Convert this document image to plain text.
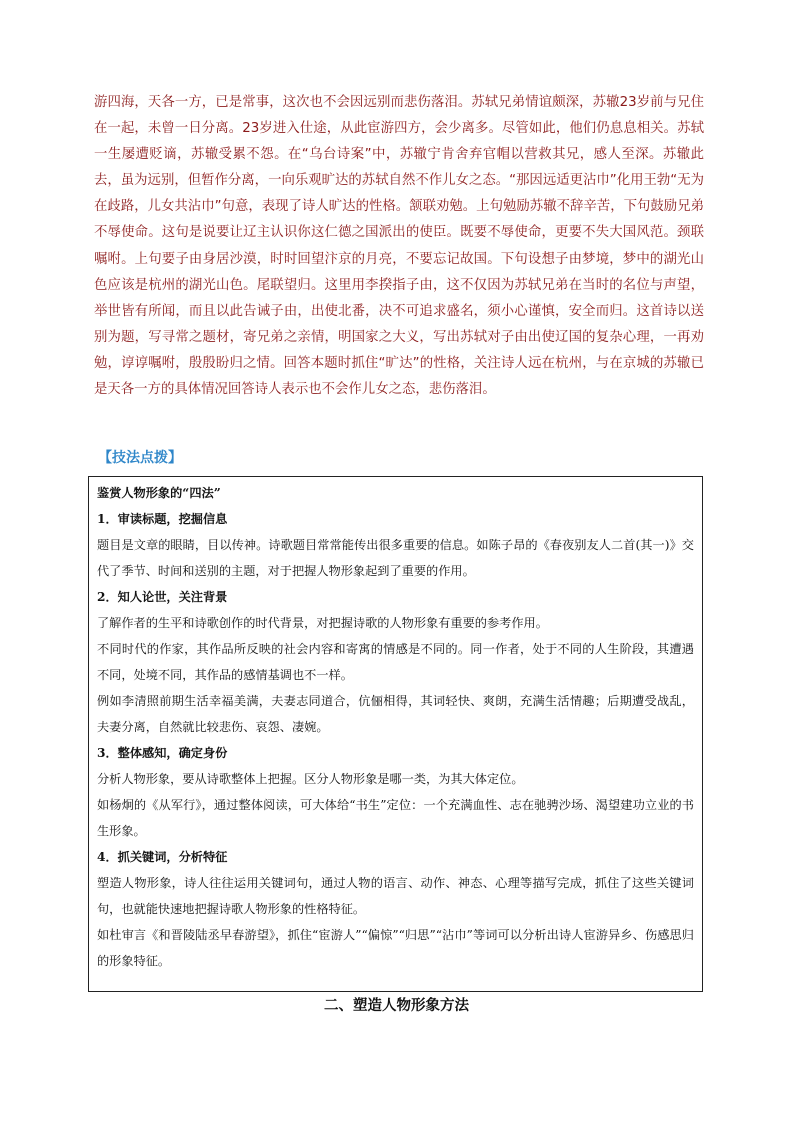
游四海，天各一方，已是常事，这次也不会因远别而悲伤落泪。苏轼兄弟情谊颇深，苏辙23岁前与兄住在一起，未曾一日分离。23岁进入仕途，从此宦游四方，会少离多。尽管如此，他们仍息息相关。苏轼一生屡遭贬谪，苏辙受累不怨。在“乌台诗案”中，苏辙宁肯舍弃官帽以营救其兄，感人至深。苏辙此去，虽为远别，但暂作分离，一向乐观旷达的苏轼自然不作儿女之态。“那因远适更沾巾”化用王勃“无为在歧路，儿女共沾巾”句意，表现了诗人旷达的性格。颔联劝勉。上句勉励苏辙不辞辛苦，下句鼓励兄弟不辱使命。这句是说要让辽主认识你这仁德之国派出的使臣。既要不辱使命，更要不失大国风范。颈联嘱咐。上句要子由身居沙漠，时时回望汴京的月亮，不要忘记故国。下句设想子由梦境，梦中的湖光山色应该是杭州的湖光山色。尾联望归。这里用李揆指子由，这不仅因为苏轼兄弟在当时的名位与声望，举世皆有所闻，而且以此告诫子由，出使北番，决不可追求盛名，须小心谨慎，安全而归。这首诗以送别为题，写寻常之题材，寄兄弟之亲情，明国家之大义，写出苏轼对子由出使辽国的复杂心理，一再劝勉，谆谆嘱咐，殷殷盼归之情。回答本题时抓住“旷达”的性格，关注诗人远在杭州，与在京城的苏辙已是天各一方的具体情况回答诗人表示也不会作儿女之态，悲伤落泪。

【技法点拨】

鉴赏人物形象的“四法”

1．审读标题，挖掘信息

题目是文章的眼睛，目以传神。诗歌题目常常能传出很多重要的信息。如陈子昂的《春夜别友人二首(其一)》交代了季节、时间和送别的主题，对于把握人物形象起到了重要的作用。

2．知人论世，关注背景

了解作者的生平和诗歌创作的时代背景，对把握诗歌的人物形象有重要的参考作用。

不同时代的作家，其作品所反映的社会内容和寄寓的情感是不同的。同一作者，处于不同的人生阶段，其遭遇不同，处境不同，其作品的感情基调也不一样。

例如李清照前期生活幸福美满，夫妻志同道合，伉俪相得，其词轻快、爽朗，充满生活情趣；后期遭受战乱，夫妻分离，自然就比较悲伤、哀怨、凄婉。

3．整体感知，确定身份

分析人物形象，要从诗歌整体上把握。区分人物形象是哪一类，为其大体定位。

如杨炯的《从军行》，通过整体阅读，可大体给“书生”定位：一个充满血性、志在驰骋沙场、渴望建功立业的书生形象。

4．抓关键词，分析特征

塑造人物形象，诗人往往运用关键词句，通过人物的语言、动作、神态、心理等描写完成，抓住了这些关键词句，也就能快速地把握诗歌人物形象的性格特征。

如杜审言《和晋陵陆丞早春游望》，抓住“宦游人”“偏惊”“归思”“沾巾”等词可以分析出诗人宦游异乡、伤感思归的形象特征。

二、塑造人物形象方法
